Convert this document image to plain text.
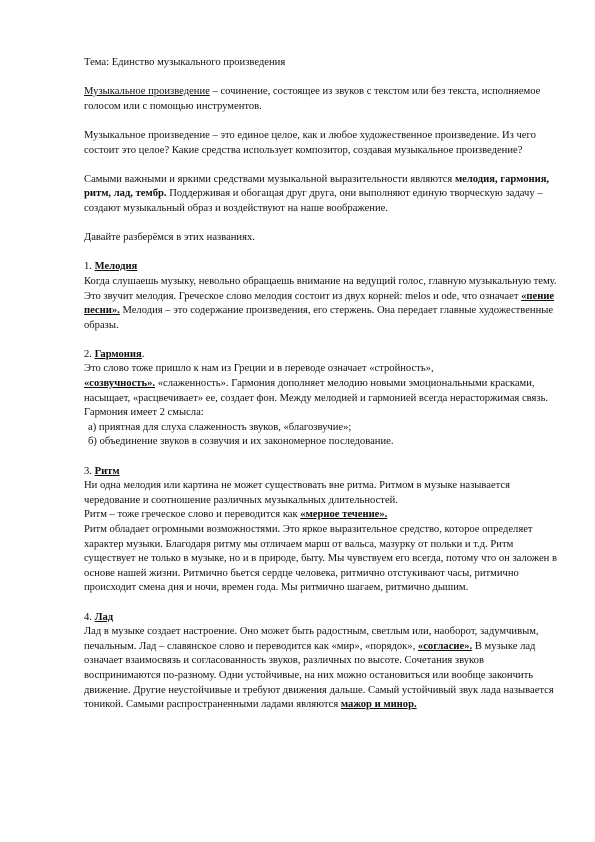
Тема: Единство музыкального произведения

Музыкальное произведение – сочинение, состоящее из звуков с текстом или без текста, исполняемое голосом или с помощью инструментов.

Музыкальное произведение – это единое целое, как и любое художественное произведение. Из чего состоит это целое? Какие средства использует композитор, создавая музыкальное произведение?

Самыми важными и яркими средствами музыкальной выразительности являются мелодия, гармония, ритм, лад, тембр. Поддерживая и обогащая друг друга, они выполняют единую творческую задачу – создают музыкальный образ и воздействуют на наше воображение.

Давайте разберёмся в этих названиях.

1. Мелодия

Когда слушаешь музыку, невольно обращаешь внимание на ведущий голос, главную музыкальную тему. Это звучит мелодия. Греческое слово мелодия состоит из двух корней: melos и ode, что означает «пение песни». Мелодия – это содержание произведения, его стержень. Она передает главные художественные образы.

2. Гармония.

Это слово тоже пришло к нам из Греции и в переводе означает «стройность»,
«созвучность». «слаженность». Гармония дополняет мелодию новыми эмоциональными красками, насыщает, «расцвечивает» ее, создает фон. Между мелодией и гармонией всегда нерасторжимая связь. Гармония имеет 2 смысла:

а) приятная для слуха слаженность звуков, «благозвучие»;

б) объединение звуков в созвучия и их закономерное последование.

3. Ритм

Ни одна мелодия или картина не может существовать вне ритма. Ритмом в музыке называется чередование и соотношение различных музыкальных длительностей.

Ритм – тоже греческое слово и переводится как «мерное течение».

Ритм обладает огромными возможностями. Это яркое выразительное средство, которое определяет характер музыки. Благодаря ритму мы отличаем марш от вальса, мазурку от польки и т.д. Ритм существует не только в музыке, но и в природе, быту. Мы чувствуем его всегда, потому что он заложен в основе нашей жизни. Ритмично бьется сердце человека, ритмично отстукивают часы, ритмично происходит смена дня и ночи, времен года. Мы ритмично шагаем, ритмично дышим.

4. Лад

Лад в музыке создает настроение. Оно может быть радостным, светлым или, наоборот, задумчивым, печальным. Лад – славянское слово и переводится как «мир», «порядок», «согласие». В музыке лад означает взаимосвязь и согласованность звуков, различных по высоте. Сочетания звуков воспринимаются по-разному. Одни устойчивые, на них можно остановиться или вообще закончить движение. Другие неустойчивые и требуют движения дальше. Самый устойчивый звук лада называется тоникой. Самыми распространенными ладами являются мажор и минор.
